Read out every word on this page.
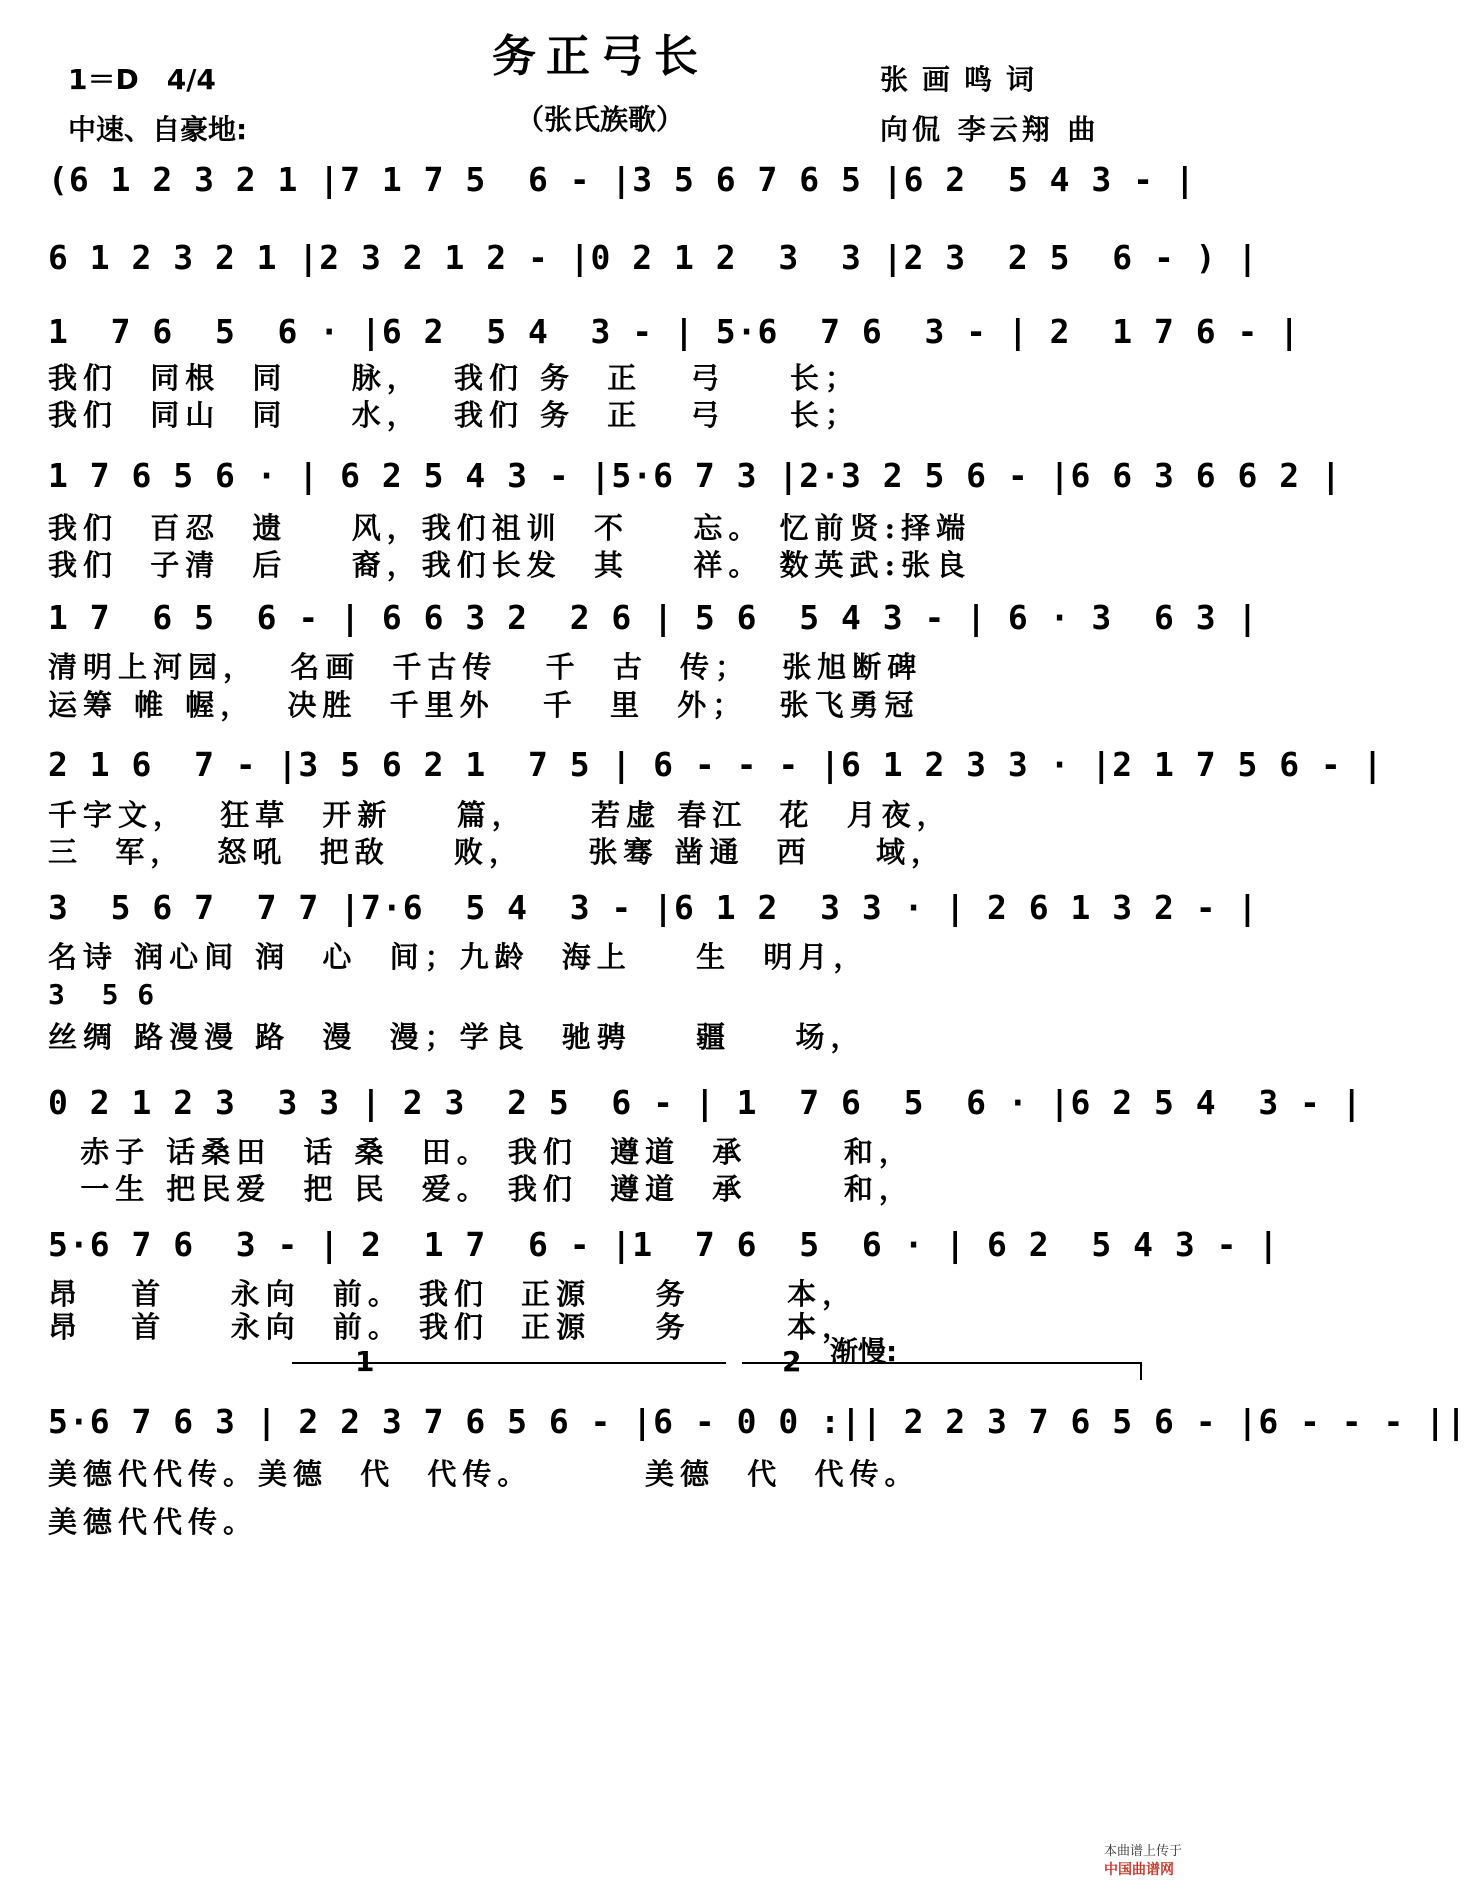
务正弓长
（张氏族歌）
1＝D　4/4
中速、自豪地:
张画鸣词
向侃 李云翔 曲
(6 1 2 3 2 1 |7 1 7 5  6 - |3 5 6 7 6 5 |6 2  5 4 3 - |
6 1 2 3 2 1 |2 3 2 1 2 - |0 2 1 2  3  3 |2 3  2 5  6 - ) |
1  7 6  5  6 · |6 2  5 4  3 - | 5·6  7 6  3 - | 2  1 7 6 - |
我们  同根  同    脉，  我们 务  正   弓    长；
我们  同山  同    水，  我们 务  正   弓    长；
1 7 6 5 6 · | 6 2 5 4 3 - |5·6 7 3 |2·3 2 5 6 - |6 6 3 6 6 2 |
我们  百忍  遗    风，我们祖训  不    忘。 忆前贤:择端
我们  子清  后    裔，我们长发  其    祥。 数英武:张良
1 7  6 5  6 - | 6 6 3 2  2 6 | 5 6  5 4 3 - | 6 · 3  6 3 |
清明上河园，  名画  千古传   千  古  传；  张旭断碑
运筹 帷 幄，  决胜  千里外   千  里  外；  张飞勇冠
2 1 6  7 - |3 5 6 2 1  7 5 | 6 - - - |6 1 2 3 3 · |2 1 7 5 6 - |
千字文，  狂草  开新    篇，    若虚 春江  花  月夜，
三  军，  怒吼  把敌    败，    张骞 凿通  西    域，
3  5 6 7  7 7 |7·6  5 4  3 - |6 1 2  3 3 · | 2 6 1 3 2 - |
名诗 润心间 润  心  间；九龄  海上    生  明月，
3  5 6
丝绸 路漫漫 路  漫  漫；学良  驰骋    疆    场，
0 2 1 2 3  3 3 | 2 3  2 5  6 - | 1  7 6  5  6 · |6 2 5 4  3 - |
赤子 话桑田  话 桑  田。 我们  遵道  承      和，
一生 把民爱  把 民  爱。 我们  遵道  承      和，
5·6 7 6  3 - | 2  1 7  6 - |1  7 6  5  6 · | 6 2  5 4 3 - |
昂   首    永向  前。 我们  正源    务      本，
昂   首    永向  前。 我们  正源    务      本，
1	2 渐慢:
5·6 7 6 3 | 2 2 3 7 6 5 6 - |6 - 0 0 :|| 2 2 3 7 6 5 6 - |6 - - - ||
美德代代传。美德  代  代传。       美德  代  代传。
美德代代传。

本曲谱上传于
中国曲谱网
